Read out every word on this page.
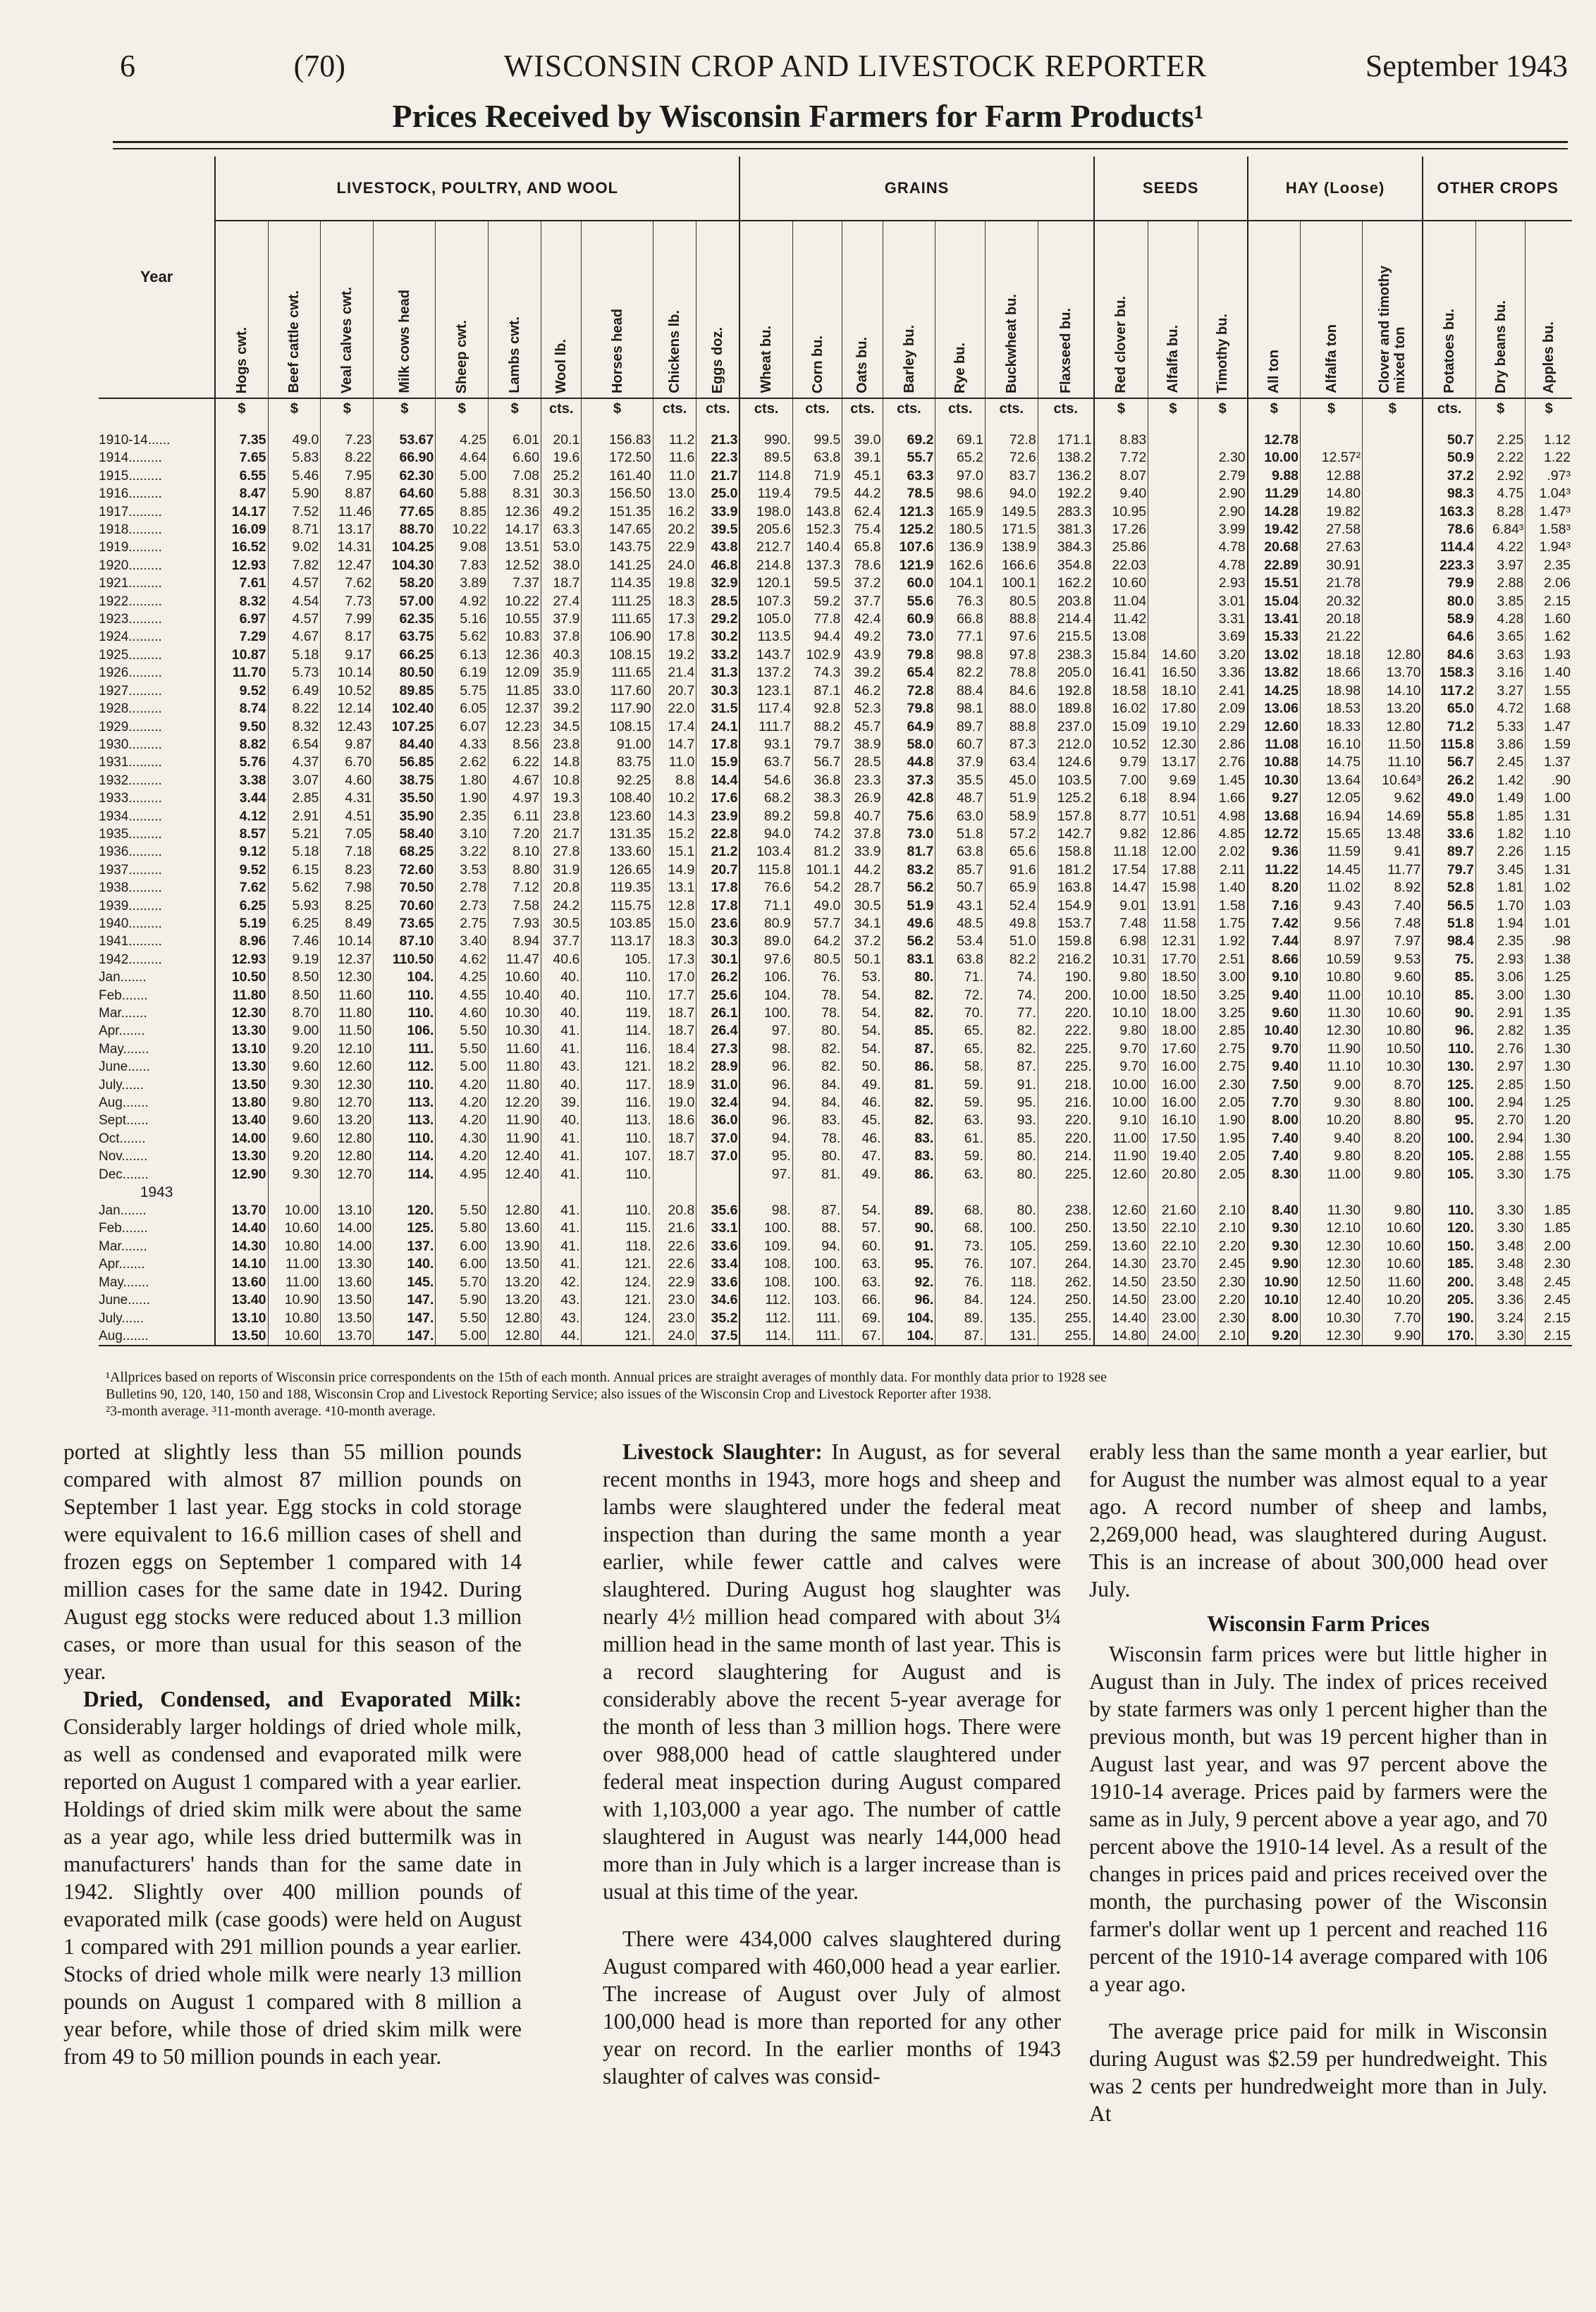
6	(70)	WISCONSIN CROP AND LIVESTOCK REPORTER	September 1943
Prices Received by Wisconsin Farmers for Farm Products¹
Year	LIVESTOCK, POULTRY, AND WOOL										GRAINS							SEEDS			HAY (Loose)			OTHER CROPS		

	Hogs cwt.	Beef cattle cwt.	Veal calves cwt.	Milk cows head	Sheep cwt.	Lambs cwt.	Wool lb.	Horses head	Chickens lb.	Eggs doz.	Wheat bu.	Corn bu.	Oats bu.	Barley bu.	Rye bu.	Buckwheat bu.	Flaxseed bu.	Red clover bu.	Alfalfa bu.	Timothy bu.	All ton	Alfalfa ton	Clover and timothy mixed ton	Potatoes bu.	Dry beans bu.	Apples bu.

	$	$	$	$	$	$	cts.	$	cts.	cts.	cts.	cts.	cts.	cts.	cts.	cts.	cts.	$	$	$	$	$	$	cts.	$	$

1910-14......	7.35	49.0	7.23	53.67	4.25	6.01	20.1	156.83	11.2	21.3	990.	99.5	39.0	69.2	69.1	72.8	171.1	8.83			12.78			50.7	2.25	1.12
1914.........	7.65	5.83	8.22	66.90	4.64	6.60	19.6	172.50	11.6	22.3	89.5	63.8	39.1	55.7	65.2	72.6	138.2	7.72		2.30	10.00	12.57²		50.9	2.22	1.22
1915.........	6.55	5.46	7.95	62.30	5.00	7.08	25.2	161.40	11.0	21.7	114.8	71.9	45.1	63.3	97.0	83.7	136.2	8.07		2.79	9.88	12.88		37.2	2.92	.97³
1916.........	8.47	5.90	8.87	64.60	5.88	8.31	30.3	156.50	13.0	25.0	119.4	79.5	44.2	78.5	98.6	94.0	192.2	9.40		2.90	11.29	14.80		98.3	4.75	1.04³
1917.........	14.17	7.52	11.46	77.65	8.85	12.36	49.2	151.35	16.2	33.9	198.0	143.8	62.4	121.3	165.9	149.5	283.3	10.95		2.90	14.28	19.82		163.3	8.28	1.47³
1918.........	16.09	8.71	13.17	88.70	10.22	14.17	63.3	147.65	20.2	39.5	205.6	152.3	75.4	125.2	180.5	171.5	381.3	17.26		3.99	19.42	27.58		78.6	6.84³	1.58³
1919.........	16.52	9.02	14.31	104.25	9.08	13.51	53.0	143.75	22.9	43.8	212.7	140.4	65.8	107.6	136.9	138.9	384.3	25.86		4.78	20.68	27.63		114.4	4.22	1.94³
1920.........	12.93	7.82	12.47	104.30	7.83	12.52	38.0	141.25	24.0	46.8	214.8	137.3	78.6	121.9	162.6	166.6	354.8	22.03		4.78	22.89	30.91		223.3	3.97	2.35
1921.........	7.61	4.57	7.62	58.20	3.89	7.37	18.7	114.35	19.8	32.9	120.1	59.5	37.2	60.0	104.1	100.1	162.2	10.60		2.93	15.51	21.78		79.9	2.88	2.06
1922.........	8.32	4.54	7.73	57.00	4.92	10.22	27.4	111.25	18.3	28.5	107.3	59.2	37.7	55.6	76.3	80.5	203.8	11.04		3.01	15.04	20.32		80.0	3.85	2.15
1923.........	6.97	4.57	7.99	62.35	5.16	10.55	37.9	111.65	17.3	29.2	105.0	77.8	42.4	60.9	66.8	88.8	214.4	11.42		3.31	13.41	20.18		58.9	4.28	1.60
1924.........	7.29	4.67	8.17	63.75	5.62	10.83	37.8	106.90	17.8	30.2	113.5	94.4	49.2	73.0	77.1	97.6	215.5	13.08		3.69	15.33	21.22		64.6	3.65	1.62
1925.........	10.87	5.18	9.17	66.25	6.13	12.36	40.3	108.15	19.2	33.2	143.7	102.9	43.9	79.8	98.8	97.8	238.3	15.84	14.60	3.20	13.02	18.18	12.80	84.6	3.63	1.93
1926.........	11.70	5.73	10.14	80.50	6.19	12.09	35.9	111.65	21.4	31.3	137.2	74.3	39.2	65.4	82.2	78.8	205.0	16.41	16.50	3.36	13.82	18.66	13.70	158.3	3.16	1.40
1927.........	9.52	6.49	10.52	89.85	5.75	11.85	33.0	117.60	20.7	30.3	123.1	87.1	46.2	72.8	88.4	84.6	192.8	18.58	18.10	2.41	14.25	18.98	14.10	117.2	3.27	1.55
1928.........	8.74	8.22	12.14	102.40	6.05	12.37	39.2	117.90	22.0	31.5	117.4	92.8	52.3	79.8	98.1	88.0	189.8	16.02	17.80	2.09	13.06	18.53	13.20	65.0	4.72	1.68
1929.........	9.50	8.32	12.43	107.25	6.07	12.23	34.5	108.15	17.4	24.1	111.7	88.2	45.7	64.9	89.7	88.8	237.0	15.09	19.10	2.29	12.60	18.33	12.80	71.2	5.33	1.47
1930.........	8.82	6.54	9.87	84.40	4.33	8.56	23.8	91.00	14.7	17.8	93.1	79.7	38.9	58.0	60.7	87.3	212.0	10.52	12.30	2.86	11.08	16.10	11.50	115.8	3.86	1.59
1931.........	5.76	4.37	6.70	56.85	2.62	6.22	14.8	83.75	11.0	15.9	63.7	56.7	28.5	44.8	37.9	63.4	124.6	9.79	13.17	2.76	10.88	14.75	11.10	56.7	2.45	1.37
1932.........	3.38	3.07	4.60	38.75	1.80	4.67	10.8	92.25	8.8	14.4	54.6	36.8	23.3	37.3	35.5	45.0	103.5	7.00	9.69	1.45	10.30	13.64	10.64³	26.2	1.42	.90
1933.........	3.44	2.85	4.31	35.50	1.90	4.97	19.3	108.40	10.2	17.6	68.2	38.3	26.9	42.8	48.7	51.9	125.2	6.18	8.94	1.66	9.27	12.05	9.62	49.0	1.49	1.00
1934.........	4.12	2.91	4.51	35.90	2.35	6.11	23.8	123.60	14.3	23.9	89.2	59.8	40.7	75.6	63.0	58.9	157.8	8.77	10.51	4.98	13.68	16.94	14.69	55.8	1.85	1.31
1935.........	8.57	5.21	7.05	58.40	3.10	7.20	21.7	131.35	15.2	22.8	94.0	74.2	37.8	73.0	51.8	57.2	142.7	9.82	12.86	4.85	12.72	15.65	13.48	33.6	1.82	1.10
1936.........	9.12	5.18	7.18	68.25	3.22	8.10	27.8	133.60	15.1	21.2	103.4	81.2	33.9	81.7	63.8	65.6	158.8	11.18	12.00	2.02	9.36	11.59	9.41	89.7	2.26	1.15
1937.........	9.52	6.15	8.23	72.60	3.53	8.80	31.9	126.65	14.9	20.7	115.8	101.1	44.2	83.2	85.7	91.6	181.2	17.54	17.88	2.11	11.22	14.45	11.77	79.7	3.45	1.31
1938.........	7.62	5.62	7.98	70.50	2.78	7.12	20.8	119.35	13.1	17.8	76.6	54.2	28.7	56.2	50.7	65.9	163.8	14.47	15.98	1.40	8.20	11.02	8.92	52.8	1.81	1.02
1939.........	6.25	5.93	8.25	70.60	2.73	7.58	24.2	115.75	12.8	17.8	71.1	49.0	30.5	51.9	43.1	52.4	154.9	9.01	13.91	1.58	7.16	9.43	7.40	56.5	1.70	1.03
1940.........	5.19	6.25	8.49	73.65	2.75	7.93	30.5	103.85	15.0	23.6	80.9	57.7	34.1	49.6	48.5	49.8	153.7	7.48	11.58	1.75	7.42	9.56	7.48	51.8	1.94	1.01
1941.........	8.96	7.46	10.14	87.10	3.40	8.94	37.7	113.17	18.3	30.3	89.0	64.2	37.2	56.2	53.4	51.0	159.8	6.98	12.31	1.92	7.44	8.97	7.97	98.4	2.35	.98
1942.........	12.93	9.19	12.37	110.50	4.62	11.47	40.6	105.	17.3	30.1	97.6	80.5	50.1	83.1	63.8	82.2	216.2	10.31	17.70	2.51	8.66	10.59	9.53	75.	2.93	1.38
Jan.......	10.50	8.50	12.30	104.	4.25	10.60	40.	110.	17.0	26.2	106.	76.	53.	80.	71.	74.	190.	9.80	18.50	3.00	9.10	10.80	9.60	85.	3.06	1.25
Feb.......	11.80	8.50	11.60	110.	4.55	10.40	40.	110.	17.7	25.6	104.	78.	54.	82.	72.	74.	200.	10.00	18.50	3.25	9.40	11.00	10.10	85.	3.00	1.30
Mar.......	12.30	8.70	11.80	110.	4.60	10.30	40.	119.	18.7	26.1	100.	78.	54.	82.	70.	77.	220.	10.10	18.00	3.25	9.60	11.30	10.60	90.	2.91	1.35
Apr.......	13.30	9.00	11.50	106.	5.50	10.30	41.	114.	18.7	26.4	97.	80.	54.	85.	65.	82.	222.	9.80	18.00	2.85	10.40	12.30	10.80	96.	2.82	1.35
May.......	13.10	9.20	12.10	111.	5.50	11.60	41.	116.	18.4	27.3	98.	82.	54.	87.	65.	82.	225.	9.70	17.60	2.75	9.70	11.90	10.50	110.	2.76	1.30
June......	13.30	9.60	12.60	112.	5.00	11.80	43.	121.	18.2	28.9	96.	82.	50.	86.	58.	87.	225.	9.70	16.00	2.75	9.40	11.10	10.30	130.	2.97	1.30
July......	13.50	9.30	12.30	110.	4.20	11.80	40.	117.	18.9	31.0	96.	84.	49.	81.	59.	91.	218.	10.00	16.00	2.30	7.50	9.00	8.70	125.	2.85	1.50
Aug.......	13.80	9.80	12.70	113.	4.20	12.20	39.	116.	19.0	32.4	94.	84.	46.	82.	59.	95.	216.	10.00	16.00	2.05	7.70	9.30	8.80	100.	2.94	1.25
Sept......	13.40	9.60	13.20	113.	4.20	11.90	40.	113.	18.6	36.0	96.	83.	45.	82.	63.	93.	220.	9.10	16.10	1.90	8.00	10.20	8.80	95.	2.70	1.20
Oct.......	14.00	9.60	12.80	110.	4.30	11.90	41.	110.	18.7	37.0	94.	78.	46.	83.	61.	85.	220.	11.00	17.50	1.95	7.40	9.40	8.20	100.	2.94	1.30
Nov.......	13.30	9.20	12.80	114.	4.20	12.40	41.	107.	18.7	37.0	95.	80.	47.	83.	59.	80.	214.	11.90	19.40	2.05	7.40	9.80	8.20	105.	2.88	1.55
Dec.......	12.90	9.30	12.70	114.	4.95	12.40	41.	110.			97.	81.	49.	86.	63.	80.	225.	12.60	20.80	2.05	8.30	11.00	9.80	105.	3.30	1.75
1943																										
Jan.......	13.70	10.00	13.10	120.	5.50	12.80	41.	110.	20.8	35.6	98.	87.	54.	89.	68.	80.	238.	12.60	21.60	2.10	8.40	11.30	9.80	110.	3.30	1.85
Feb.......	14.40	10.60	14.00	125.	5.80	13.60	41.	115.	21.6	33.1	100.	88.	57.	90.	68.	100.	250.	13.50	22.10	2.10	9.30	12.10	10.60	120.	3.30	1.85
Mar.......	14.30	10.80	14.00	137.	6.00	13.90	41.	118.	22.6	33.6	109.	94.	60.	91.	73.	105.	259.	13.60	22.10	2.20	9.30	12.30	10.60	150.	3.48	2.00
Apr.......	14.10	11.00	13.30	140.	6.00	13.50	41.	121.	22.6	33.4	108.	100.	63.	95.	76.	107.	264.	14.30	23.70	2.45	9.90	12.30	10.60	185.	3.48	2.30
May.......	13.60	11.00	13.60	145.	5.70	13.20	42.	124.	22.9	33.6	108.	100.	63.	92.	76.	118.	262.	14.50	23.50	2.30	10.90	12.50	11.60	200.	3.48	2.45
June......	13.40	10.90	13.50	147.	5.90	13.20	43.	121.	23.0	34.6	112.	103.	66.	96.	84.	124.	250.	14.50	23.00	2.20	10.10	12.40	10.20	205.	3.36	2.45
July......	13.10	10.80	13.50	147.	5.50	12.80	43.	124.	23.0	35.2	112.	111.	69.	104.	89.	135.	255.	14.40	23.00	2.30	8.00	10.30	7.70	190.	3.24	2.15
Aug.......	13.50	10.60	13.70	147.	5.00	12.80	44.	121.	24.0	37.5	114.	111.	67.	104.	87.	131.	255.	14.80	24.00	2.10	9.20	12.30	9.90	170.	3.30	2.15
¹Allprices based on reports of Wisconsin price correspondents on the 15th of each month. Annual prices are straight averages of monthly data. For monthly data prior to 1928 see
Bulletins 90, 120, 140, 150 and 188, Wisconsin Crop and Livestock Reporting Service; also issues of the Wisconsin Crop and Livestock Reporter after 1938.
²3-month average. ³11-month average. ⁴10-month average.

ported at slightly less than 55 million pounds compared with almost 87 million pounds on September 1 last year. Egg stocks in cold storage were equivalent to 16.6 million cases of shell and frozen eggs on September 1 compared with 14 million cases for the same date in 1942. During August egg stocks were reduced about 1.3 million cases, or more than usual for this season of the year.

Dried, Condensed, and Evaporated Milk: Considerably larger holdings of dried whole milk, as well as condensed and evaporated milk were reported on August 1 compared with a year earlier. Holdings of dried skim milk were about the same as a year ago, while less dried buttermilk was in manufacturers' hands than for the same date in 1942. Slightly over 400 million pounds of evaporated milk (case goods) were held on August 1 compared with 291 million pounds a year earlier. Stocks of dried whole milk were nearly 13 million pounds on August 1 compared with 8 million a year before, while those of dried skim milk were from 49 to 50 million pounds in each year.

Livestock Slaughter: In August, as for several recent months in 1943, more hogs and sheep and lambs were slaughtered under the federal meat inspection than during the same month a year earlier, while fewer cattle and calves were slaughtered. During August hog slaughter was nearly 4½ million head compared with about 3¼ million head in the same month of last year. This is a record slaughtering for August and is considerably above the recent 5-year average for the month of less than 3 million hogs. There were over 988,000 head of cattle slaughtered under federal meat inspection during August compared with 1,103,000 a year ago. The number of cattle slaughtered in August was nearly 144,000 head more than in July which is a larger increase than is usual at this time of the year.

There were 434,000 calves slaughtered during August compared with 460,000 head a year earlier. The increase of August over July of almost 100,000 head is more than reported for any other year on record. In the earlier months of 1943 slaughter of calves was consid-

erably less than the same month a year earlier, but for August the number was almost equal to a year ago. A record number of sheep and lambs, 2,269,000 head, was slaughtered during August. This is an increase of about 300,000 head over July.

Wisconsin Farm Prices

Wisconsin farm prices were but little higher in August than in July. The index of prices received by state farmers was only 1 percent higher than the previous month, but was 19 percent higher than in August last year, and was 97 percent above the 1910-14 average. Prices paid by farmers were the same as in July, 9 percent above a year ago, and 70 percent above the 1910-14 level. As a result of the changes in prices paid and prices received over the month, the purchasing power of the Wisconsin farmer's dollar went up 1 percent and reached 116 percent of the 1910-14 average compared with 106 a year ago.

The average price paid for milk in Wisconsin during August was $2.59 per hundredweight. This was 2 cents per hundredweight more than in July. At
